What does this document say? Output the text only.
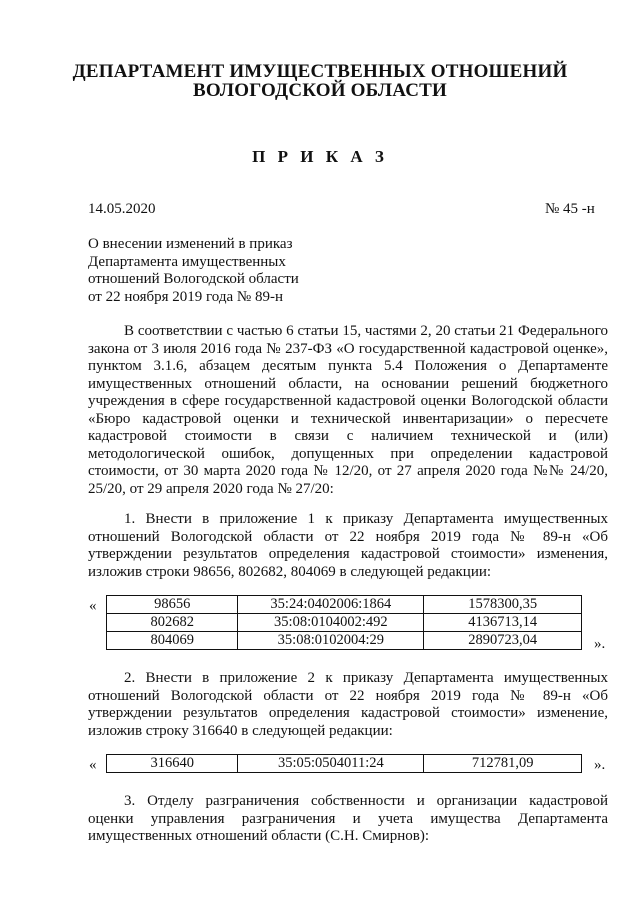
ДЕПАРТАМЕНТ ИМУЩЕСТВЕННЫХ ОТНОШЕНИЙ
ВОЛОГОДСКОЙ ОБЛАСТИ
П Р И К А З
14.05.2020	№ 45 -н
О внесении изменений в приказ
Департамента имущественных
отношений Вологодской области
от 22 ноября 2019 года № 89-н
В соответствии с частью 6 статьи 15, частями 2, 20 статьи 21 Федерального закона от 3 июля 2016 года № 237-ФЗ «О государственной кадастровой оценке», пунктом 3.1.6, абзацем десятым пункта 5.4 Положения о Департаменте имущественных отношений области, на основании решений бюджетного учреждения в сфере государственной кадастровой оценки Вологодской области «Бюро кадастровой оценки и технической инвентаризации» о пересчете кадастровой стоимости в связи с наличием технической и (или) методологической ошибок, допущенных при определении кадастровой стоимости, от 30 марта 2020 года № 12/20, от 27 апреля 2020 года №№ 24/20, 25/20, от 29 апреля 2020 года № 27/20:
1. Внести в приложение 1 к приказу Департамента имущественных отношений Вологодской области от 22 ноября 2019 года № 89-н «Об утверждении результатов определения кадастровой стоимости» изменения, изложив строки 98656, 802682, 804069 в следующей редакции:
«	98656	35:24:0402006:1864	1578300,35
802682	35:08:0104002:492	4136713,14
804069	35:08:0102004:29	2890723,04	».
2. Внести в приложение 2 к приказу Департамента имущественных отношений Вологодской области от 22 ноября 2019 года № 89-н «Об утверждении результатов определения кадастровой стоимости» изменение, изложив строку 316640 в следующей редакции:
«	316640	35:05:0504011:24	712781,09	».
3. Отделу разграничения собственности и организации кадастровой оценки управления разграничения и учета имущества Департамента имущественных отношений области (С.Н. Смирнов):
